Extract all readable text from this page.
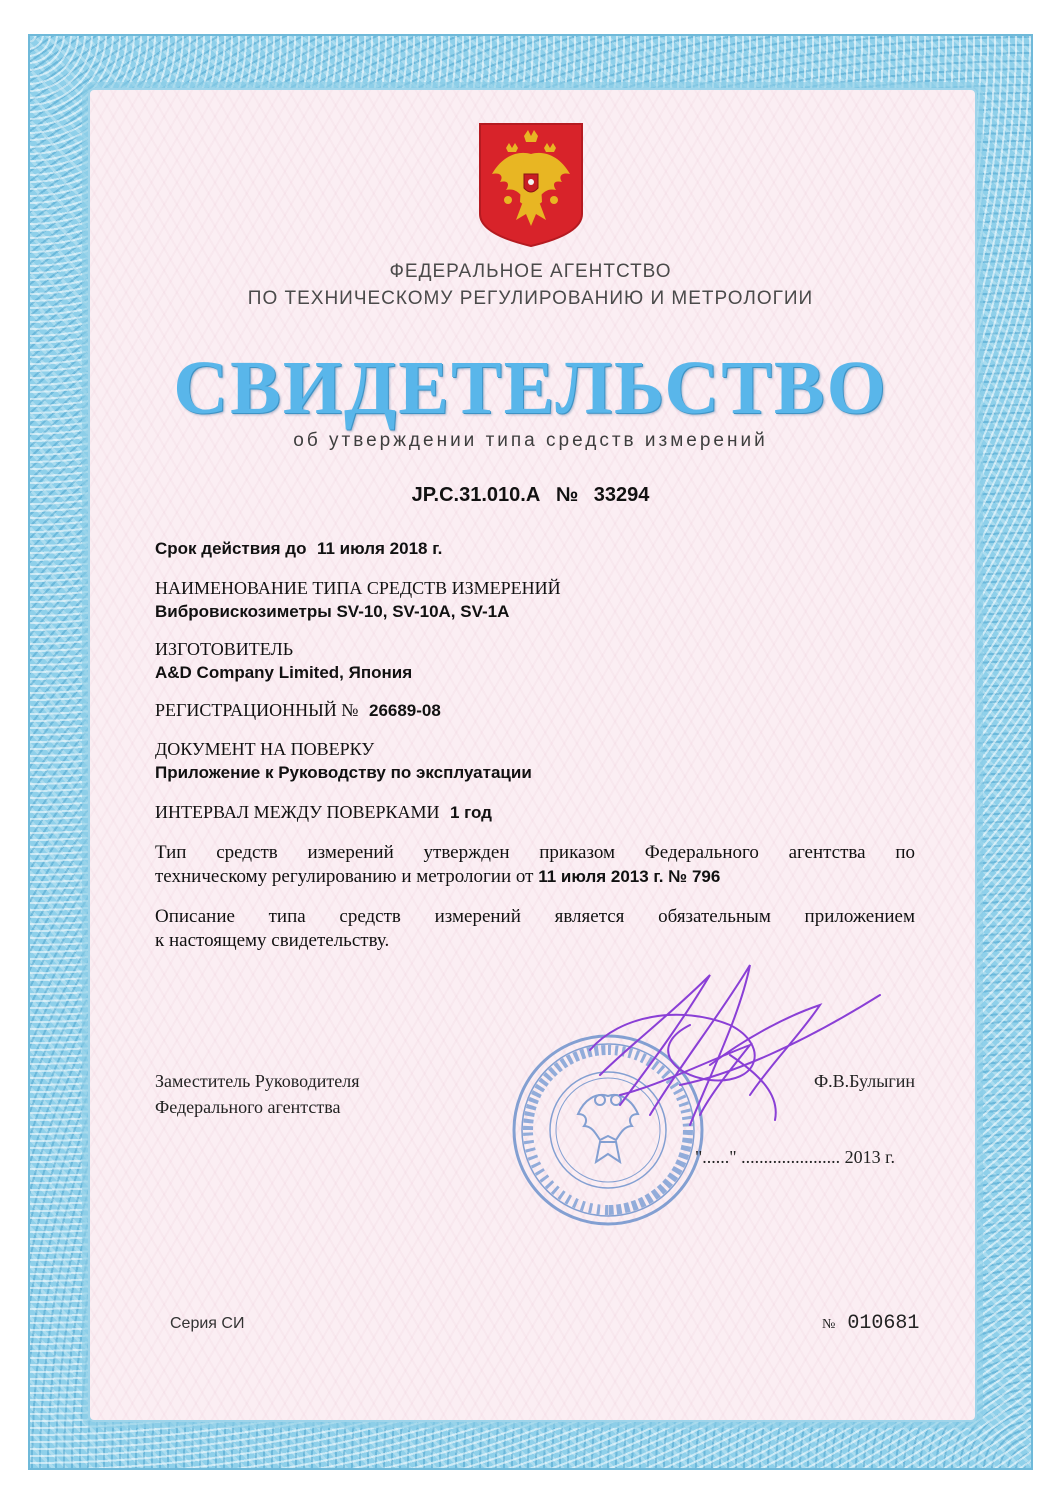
ФЕДЕРАЛЬНОЕ АГЕНТСТВО
ПО ТЕХНИЧЕСКОМУ РЕГУЛИРОВАНИЮ И МЕТРОЛОГИИ
СВИДЕТЕЛЬСТВО
об утверждении типа средств измерений
JP.C.31.010.A № 33294
Срок действия до 11 июля 2018 г.
НАИМЕНОВАНИЕ ТИПА СРЕДСТВ ИЗМЕРЕНИЙ
Вибровискозиметры SV-10, SV-10A, SV-1A
ИЗГОТОВИТЕЛЬ
A&D Company Limited, Япония
РЕГИСТРАЦИОННЫЙ № 26689-08
ДОКУМЕНТ НА ПОВЕРКУ
Приложение к Руководству по эксплуатации
ИНТЕРВАЛ МЕЖДУ ПОВЕРКАМИ 1 год
Тип средств измерений утвержден приказом Федерального агентства по
техническому регулированию и метрологии от 11 июля 2013 г. № 796
Описание типа средств измерений является обязательным приложением
к настоящему свидетельству.
Заместитель Руководителя
Федерального агентства
Ф.В.Булыгин
"......" ...................... 2013 г.
Серия СИ	№ 010681
